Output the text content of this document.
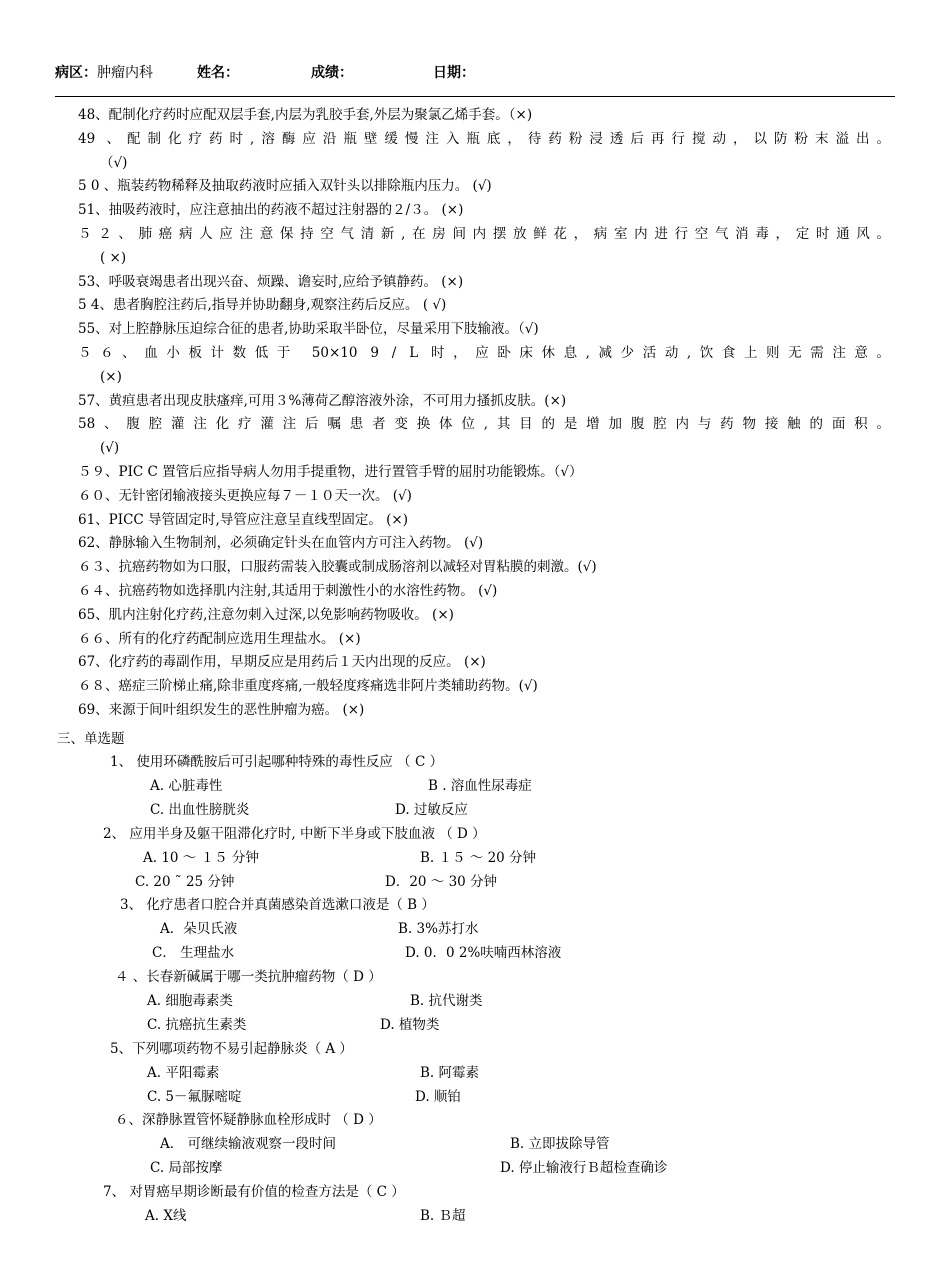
病区：肿瘤内科	姓名：	成绩：	日期：
48、配制化疗药时应配双层手套,内层为乳胶手套,外层为聚氯乙烯手套。（×)
49 、配制化疗药时,溶酶应沿瓶壁缓慢注入瓶底，待药粉浸透后再行搅动，以防粉末溢出。
（√)
5 0 、瓶装药物稀释及抽取药液时应插入双针头以排除瓶内压力。 (√)
51、抽吸药液时，应注意抽出的药液不超过注射器的２/３。 (×)
５２、肺癌病人应注意保持空气清新,在房间内摆放鲜花，病室内进行空气消毒，定时通风。
( ×)
53、呼吸衰竭患者出现兴奋、烦躁、谵妄时,应给予镇静药。 (×)
5 4、患者胸腔注药后,指导并协助翻身,观察注药后反应。 ( √)
55、对上腔静脉压迫综合征的患者,协助采取半卧位，尽量采用下肢输液。（√)
５６、血小板计数低于 50×10 9 / L 时，应卧床休息,减少活动,饮食上则无需注意。
(×)
57、黄疸患者出现皮肤瘙痒,可用３%薄荷乙醇溶液外涂，不可用力搔抓皮肤。(×)
58、腹腔灌注化疗灌注后嘱患者变换体位,其目的是增加腹腔内与药物接触的面积。
(√)
５９、PIC C 置管后应指导病人勿用手提重物，进行置管手臂的屈肘功能锻炼。（√）
６０、无针密闭输液接头更换应每７－１０天一次。 (√)
61、PICC 导管固定时,导管应注意呈直线型固定。 (×)
62、静脉输入生物制剂，必须确定针头在血管内方可注入药物。 (√)
６３、抗癌药物如为口服，口服药需装入胶囊或制成肠溶剂以减轻对胃粘膜的刺激。(√)
６４、抗癌药物如选择肌内注射,其适用于刺激性小的水溶性药物。 (√)
65、肌内注射化疗药,注意勿刺入过深,以免影响药物吸收。 (×)
６６、所有的化疗药配制应选用生理盐水。 (×)
67、化疗药的毒副作用，早期反应是用药后１天内出现的反应。 (×)
６８、癌症三阶梯止痛,除非重度疼痛,一般轻度疼痛选非阿片类辅助药物。(√)
69、来源于间叶组织发生的恶性肿瘤为癌。 (×)
三、单选题
1、 使用环磷酰胺后可引起哪种特殊的毒性反应 （ C ）
A. 心脏毒性	B . 溶血性尿毒症
C. 出血性膀胱炎	D. 过敏反应
2、 应用半身及躯干阻滞化疗时, 中断下半身或下肢血液 （ D ）
A. 10 ～ １５ 分钟	B. １５ ～ 20 分钟
C. 20 ˜ 25 分钟	D．20 ～ 30 分钟
3、 化疗患者口腔合并真菌感染首选漱口液是（ B ）
A．朵贝氏液	B. 3%苏打水
C． 生理盐水	D. 0．0 2%呋喃西林溶液
４ 、长春新碱属于哪一类抗肿瘤药物（ D ）
A. 细胞毒素类	B. 抗代谢类
C. 抗癌抗生素类	D. 植物类
5、下列哪项药物不易引起静脉炎（ A ）
A. 平阳霉素	B. 阿霉素
C. 5－氟脲嘧啶	D. 顺铂
６、深静脉置管怀疑静脉血栓形成时 （ D ）
A． 可继续输液观察一段时间	B. 立即拔除导管
C. 局部按摩	D. 停止输液行Ｂ超检查确诊
7、 对胃癌早期诊断最有价值的检查方法是（ C ）
A. X线	B. Ｂ超
